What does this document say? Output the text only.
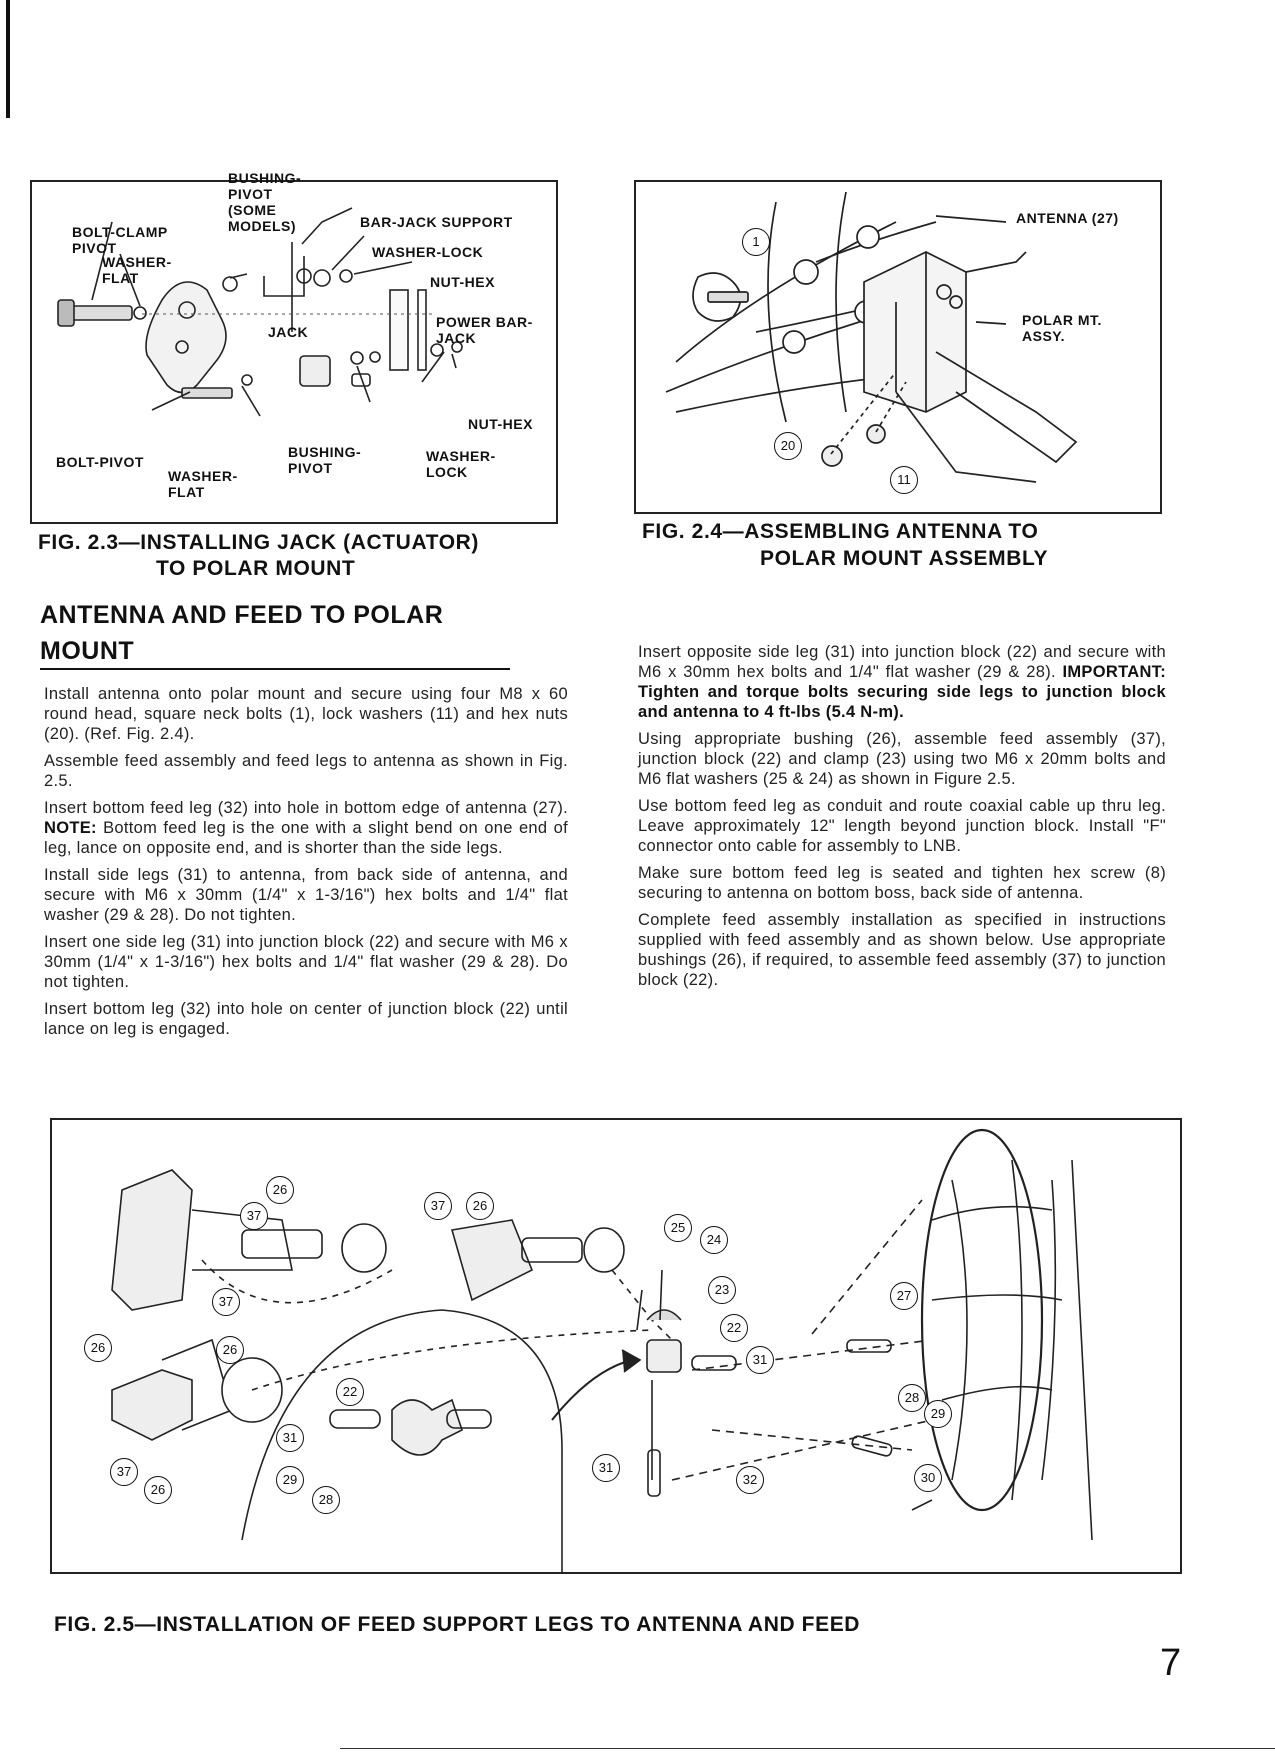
BUSHING-
PIVOT
(SOME
MODELS)	BAR-JACK SUPPORT
BOLT-CLAMP
PIVOT
WASHER-
FLAT
WASHER-LOCK
NUT-HEX
JACK
POWER BAR-
JACK
NUT-HEX
BOLT-PIVOT
WASHER-
FLAT
BUSHING-
PIVOT
WASHER-
LOCK
FIG. 2.3—INSTALLING JACK (ACTUATOR)
TO POLAR MOUNT
ANTENNA (27)
POLAR MT.
ASSY.
1
20
11
FIG. 2.4—ASSEMBLING ANTENNA TO
POLAR MOUNT ASSEMBLY
ANTENNA AND FEED TO POLAR
MOUNT

Install antenna onto polar mount and secure using four M8 x 60 round head, square neck bolts (1), lock washers (11) and hex nuts (20). (Ref. Fig. 2.4).

Assemble feed assembly and feed legs to antenna as shown in Fig. 2.5.

Insert bottom feed leg (32) into hole in bottom edge of antenna (27). NOTE: Bottom feed leg is the one with a slight bend on one end of leg, lance on opposite end, and is shorter than the side legs.

Install side legs (31) to antenna, from back side of antenna, and secure with M6 x 30mm (1/4" x 1-3/16") hex bolts and 1/4" flat washer (29 & 28). Do not tighten.

Insert one side leg (31) into junction block (22) and secure with M6 x 30mm (1/4" x 1-3/16") hex bolts and 1/4" flat washer (29 & 28). Do not tighten.

Insert bottom leg (32) into hole on center of junction block (22) until lance on leg is engaged.

Insert opposite side leg (31) into junction block (22) and secure with M6 x 30mm hex bolts and 1/4" flat washer (29 & 28). IMPORTANT: Tighten and torque bolts securing side legs to junction block and antenna to 4 ft-lbs (5.4 N-m).

Using appropriate bushing (26), assemble feed assembly (37), junction block (22) and clamp (23) using two M6 x 20mm bolts and M6 flat washers (25 & 24) as shown in Figure 2.5.

Use bottom feed leg as conduit and route coaxial cable up thru leg. Leave approximately 12" length beyond junction block. Install "F" connector onto cable for assembly to LNB.

Make sure bottom feed leg is seated and tighten hex screw (8) securing to antenna on bottom boss, back side of antenna.

Complete feed assembly installation as specified in instructions supplied with feed assembly and as shown below. Use appropriate bushings (26), if required, to assemble feed assembly (37) to junction block (22).

26
37
37
26
37	26
26
37
26
22
31
29
28
25
24
23
22
31
31
32
27
28
29
30
FIG. 2.5—INSTALLATION OF FEED SUPPORT LEGS TO ANTENNA AND FEED
7
